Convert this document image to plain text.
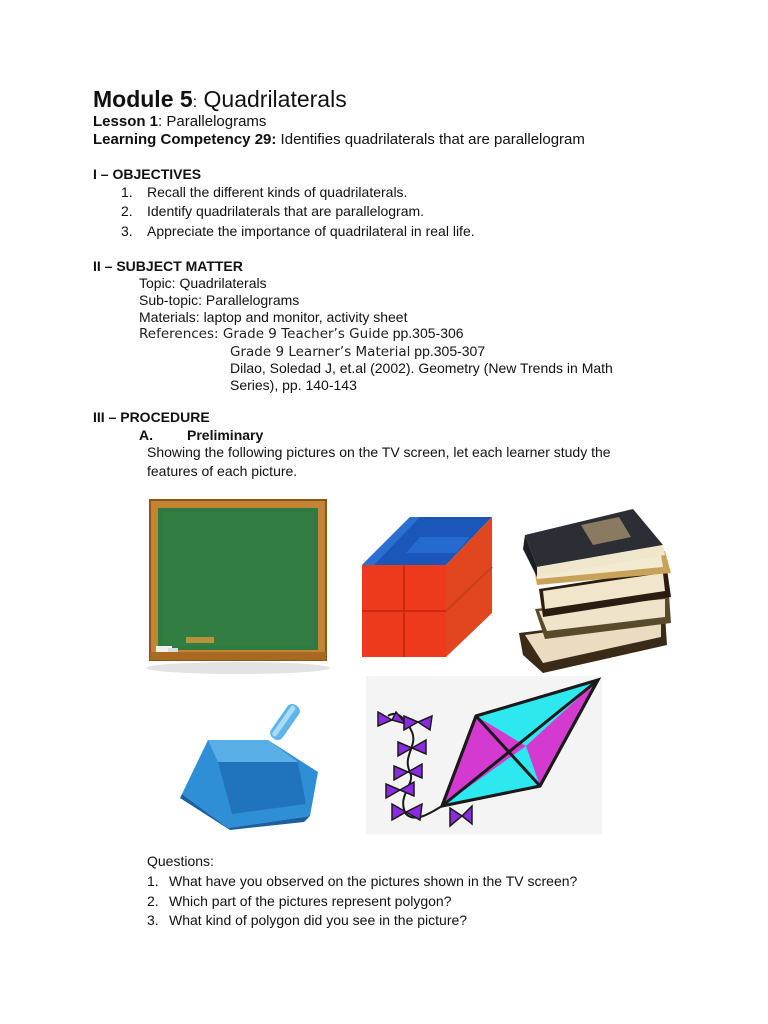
Module 5: Quadrilaterals
Lesson 1: Parallelograms
Learning Competency 29: Identifies quadrilaterals that are parallelogram
I – OBJECTIVES
1. Recall the different kinds of quadrilaterals.
2. Identify quadrilaterals that are parallelogram.
3. Appreciate the importance of quadrilateral in real life.
II – SUBJECT MATTER
Topic: Quadrilaterals
Sub-topic: Parallelograms
Materials: laptop and monitor, activity sheet
References: Grade 9 Teacher’s Guide pp.305-306
Grade 9 Learner’s Material pp.305-307
Dilao, Soledad J, et.al (2002). Geometry (New Trends in Math
Series), pp. 140-143
III – PROCEDURE
A. Preliminary
Showing the following pictures on the TV screen, let each learner study the
features of each picture.
Questions:
1. What have you observed on the pictures shown in the TV screen?
2. Which part of the pictures represent polygon?
3. What kind of polygon did you see in the picture?
